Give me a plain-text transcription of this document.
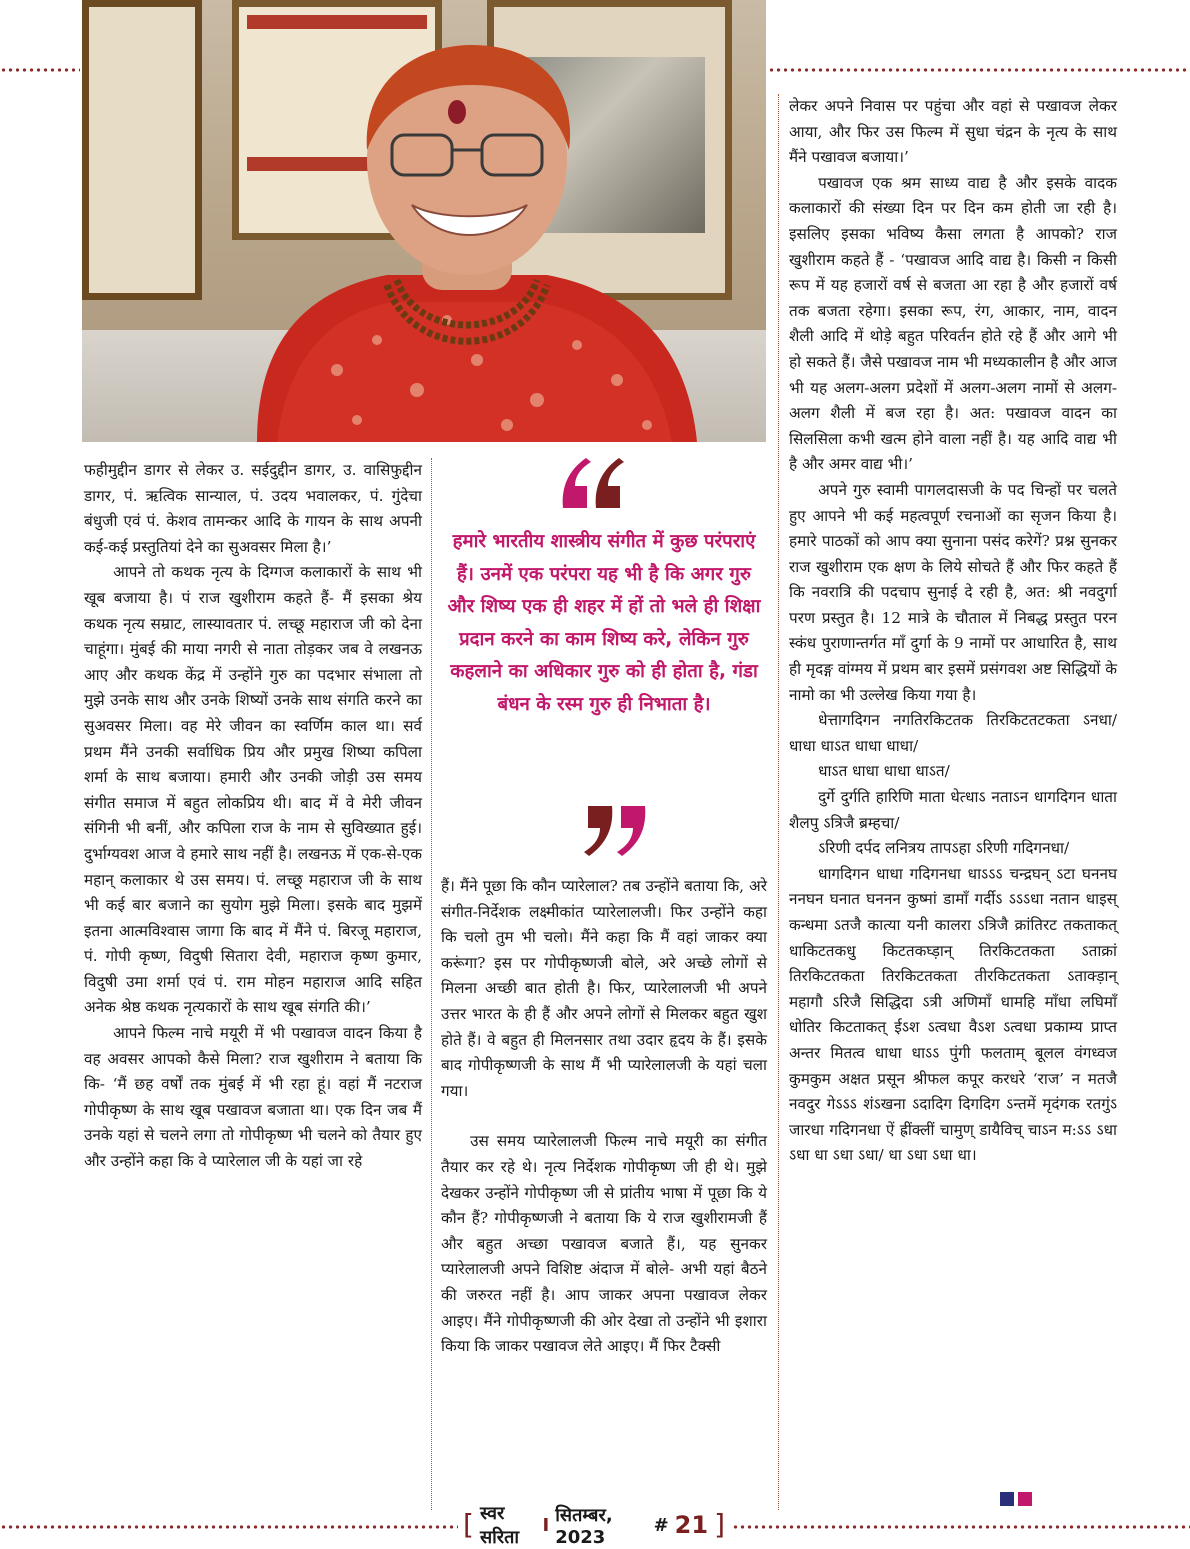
फहीमुद्दीन डागर से लेकर उ. सईदुद्दीन डागर, उ. वासिफुद्दीन डागर, पं. ऋत्विक सान्याल, पं. उदय भवालकर, पं. गुंदेचा बंधुजी एवं पं. केशव तामन्कर आदि के गायन के साथ अपनी कई-कई प्रस्तुतियां देने का सुअवसर मिला है।’

आपने तो कथक नृत्य के दिग्गज कलाकारों के साथ भी खूब बजाया है। पं राज खुशीराम कहते हैं- मैं इसका श्रेय कथक नृत्य सम्राट, लास्यावतार पं. लच्छू महाराज जी को देना चाहूंगा। मुंबई की माया नगरी से नाता तोड़कर जब वे लखनऊ आए और कथक केंद्र में उन्होंने गुरु का पदभार संभाला तो मुझे उनके साथ और उनके शिष्यों उनके साथ संगति करने का सुअवसर मिला। वह मेरे जीवन का स्वर्णिम काल था। सर्व प्रथम मैंने उनकी सर्वाधिक प्रिय और प्रमुख शिष्या कपिला शर्मा के साथ बजाया। हमारी और उनकी जोड़ी उस समय संगीत समाज में बहुत लोकप्रिय थी। बाद में वे मेरी जीवन संगिनी भी बनीं, और कपिला राज के नाम से सुविख्यात हुई। दुर्भाग्यवश आज वे हमारे साथ नहीं है। लखनऊ में एक-से-एक महान् कलाकार थे उस समय। पं. लच्छू महाराज जी के साथ भी कई बार बजाने का सुयोग मुझे मिला। इसके बाद मुझमें इतना आत्मविश्वास जागा कि बाद में मैंने पं. बिरजू महाराज, पं. गोपी कृष्ण, विदुषी सितारा देवी, महाराज कृष्ण कुमार, विदुषी उमा शर्मा एवं पं. राम मोहन महाराज आदि सहित अनेक श्रेष्ठ कथक नृत्यकारों के साथ खूब संगति की।’

आपने फिल्म नाचे मयूरी में भी पखावज वादन किया है वह अवसर आपको कैसे मिला? राज खुशीराम ने बताया कि कि- ‘मैं छह वर्षों तक मुंबई में भी रहा हूं। वहां मैं नटराज गोपीकृष्ण के साथ खूब पखावज बजाता था। एक दिन जब मैं उनके यहां से चलने लगा तो गोपीकृष्ण भी चलने को तैयार हुए और उन्होंने कहा कि वे प्यारेलाल जी के यहां जा रहे

हमारे भारतीय शास्त्रीय संगीत में कुछ परंपराएं हैं। उनमें एक परंपरा यह भी है कि अगर गुरु और शिष्य एक ही शहर में हों तो भले ही शिक्षा प्रदान करने का काम शिष्य करे, लेकिन गुरु कहलाने का अधिकार गुरु को ही होता है, गंडा बंधन के रस्म गुरु ही निभाता है।

हैं। मैंने पूछा कि कौन प्यारेलाल? तब उन्होंने बताया कि, अरे संगीत-निर्देशक लक्ष्मीकांत प्यारेलालजी। फिर उन्होंने कहा कि चलो तुम भी चलो। मैंने कहा कि मैं वहां जाकर क्या करूंगा? इस पर गोपीकृष्णजी बोले, अरे अच्छे लोगों से मिलना अच्छी बात होती है। फिर, प्यारेलालजी भी अपने उत्तर भारत के ही हैं और अपने लोगों से मिलकर बहुत खुश होते हैं। वे बहुत ही मिलनसार तथा उदार हृदय के हैं। इसके बाद गोपीकृष्णजी के साथ मैं भी प्यारेलालजी के यहां चला गया।

उस समय प्यारेलालजी फिल्म नाचे मयूरी का संगीत तैयार कर रहे थे। नृत्य निर्देशक गोपीकृष्ण जी ही थे। मुझे देखकर उन्होंने गोपीकृष्ण जी से प्रांतीय भाषा में पूछा कि ये कौन हैं? गोपीकृष्णजी ने बताया कि ये राज खुशीरामजी हैं और बहुत अच्छा पखावज बजाते हैं।, यह सुनकर प्यारेलालजी अपने विशिष्ट अंदाज में बोले- अभी यहां बैठने की जरुरत नहीं है। आप जाकर अपना पखावज लेकर आइए। मैंने गोपीकृष्णजी की ओर देखा तो उन्होंने भी इशारा किया कि जाकर पखावज लेते आइए। मैं फिर टैक्सी

लेकर अपने निवास पर पहुंचा और वहां से पखावज लेकर आया, और फिर उस फिल्म में सुधा चंद्रन के नृत्य के साथ मैंने पखावज बजाया।’

पखावज एक श्रम साध्य वाद्य है और इसके वादक कलाकारों की संख्या दिन पर दिन कम होती जा रही है। इसलिए इसका भविष्य कैसा लगता है आपको? राज खुशीराम कहते हैं - ‘पखावज आदि वाद्य है। किसी न किसी रूप में यह हजारों वर्ष से बजता आ रहा है और हजारों वर्ष तक बजता रहेगा। इसका रूप, रंग, आकार, नाम, वादन शैली आदि में थोड़े बहुत परिवर्तन होते रहे हैं और आगे भी हो सकते हैं। जैसे पखावज नाम भी मध्यकालीन है और आज भी यह अलग-अलग प्रदेशों में अलग-अलग नामों से अलग-अलग शैली में बज रहा है। अत: पखावज वादन का सिलसिला कभी खत्म होने वाला नहीं है। यह आदि वाद्य भी है और अमर वाद्य भी।’

अपने गुरु स्वामी पागलदासजी के पद चिन्हों पर चलते हुए आपने भी कई महत्वपूर्ण रचनाओं का सृजन किया है। हमारे पाठकों को आप क्या सुनाना पसंद करेगें? प्रश्न सुनकर राज खुशीराम एक क्षण के लिये सोचते हैं और फिर कहते हैं कि नवरात्रि की पदचाप सुनाई दे रही है, अत: श्री नवदुर्गा परण प्रस्तुत है। 12 मात्रे के चौताल में निबद्ध प्रस्तुत परन स्कंध पुराणान्तर्गत माँ दुर्गा के 9 नामों पर आधारित है, साथ ही मृदङ्ग वांग्मय में प्रथम बार इसमें प्रसंगवश अष्ट सिद्धियों के नामो का भी उल्लेख किया गया है।

धेत्तागदिगन नगतिरकिटतक तिरकिटतटकता ऽनधा/ धाधा धाऽत धाधा धाधा/

धाऽत धाधा धाधा धाऽत/

दुर्गे दुर्गति हारिणि माता धेत्धाऽ नताऽन धागदिगन धाता शैलपु ऽत्रिजै ब्रम्हचा/

ऽरिणी दर्पद लनित्रय तापऽहा ऽरिणी गदिगनधा/

धागदिगन धाधा गदिगनधा धाऽऽऽ चन्द्रघन् ऽटा घननघ ननघन घनात घननन कुष्मां डामाँ गर्दीऽ ऽऽऽधा नतान धाइस् कन्धमा ऽतजै कात्या यनी कालरा ऽत्रिजै क्रांतिरट तकताकत् धाकिटतकधु किटतकघ्ड़ान् तिरकिटतकता ऽताक्रां तिरकिटतकता तिरकिटतकता तीरकिटतकता ऽताक्ड़ान् महागौ ऽरिजै सिद्धिदा ऽत्री अणिमाँ धामहि माँधा लघिमाँ धोतिर किटताकत् ईऽश ऽत्वधा वैऽश ऽत्वधा प्रकाम्य प्राप्त अन्तर मितत्व धाधा धाऽऽ पुंगी फलताम् बूलल वंगध्वज कुमकुम अक्षत प्रसून श्रीफल कपूर करधरे ‘राज’ न मतजै नवदुर गेऽऽऽ शंऽखना ऽदादिग दिगदिग ऽन्तमें मृदंगक रतगुंऽ जारधा गदिगनधा ऐं ह्रींक्लीं चामुण् डायैविच् चाऽन म:ऽऽ ऽधा ऽधा धा ऽधा ऽधा/ धा ऽधा ऽधा धा।

[ स्वर सरिता
I सितम्बर, 2023
# 21 ]
